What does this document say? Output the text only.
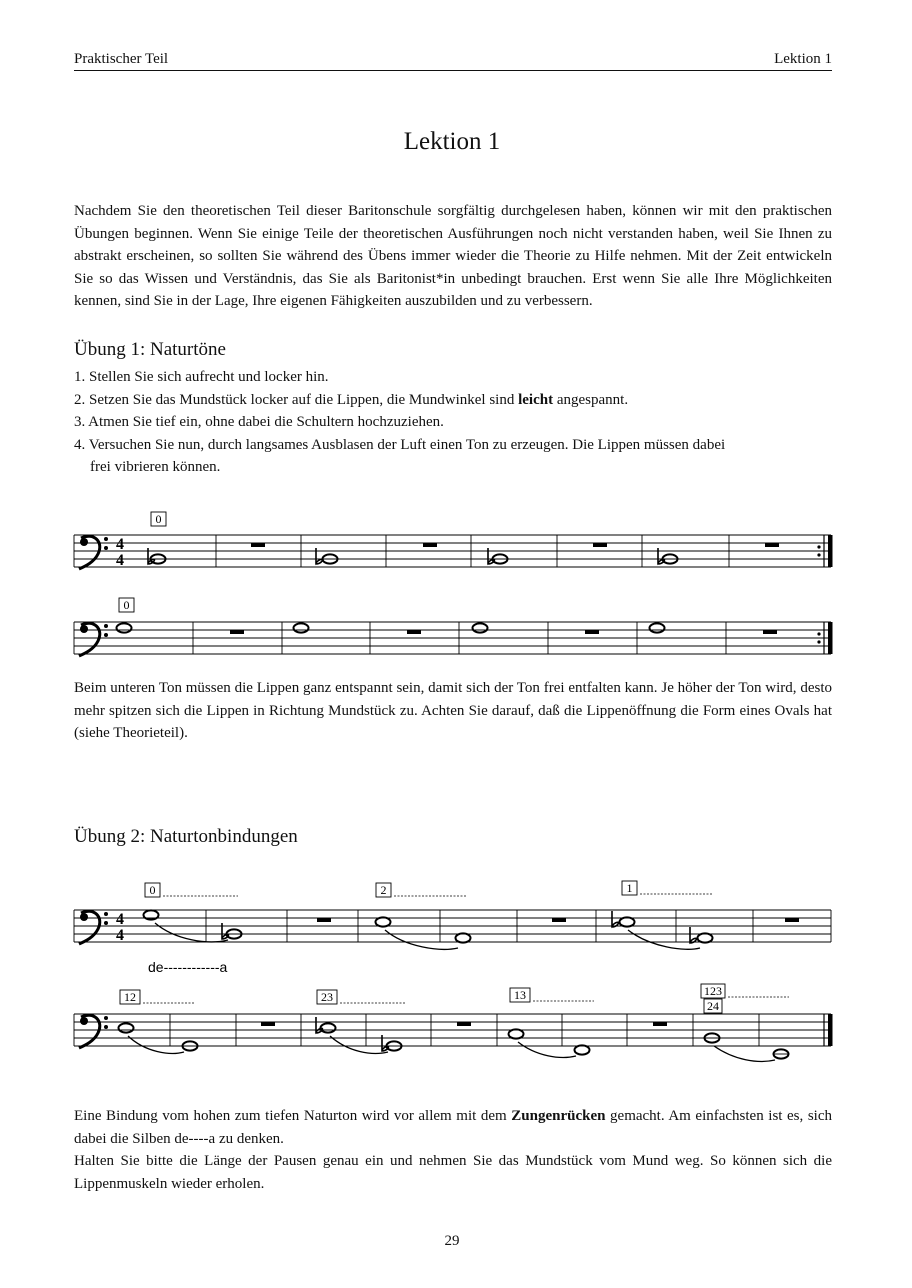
Praktischer Teil	Lektion 1
Lektion 1

Nachdem Sie den theoretischen Teil dieser Baritonschule sorgfältig durchgelesen haben, können wir mit den praktischen Übungen beginnen. Wenn Sie einige Teile der theoretischen Ausführungen noch nicht verstanden haben, weil Sie Ihnen zu abstrakt erscheinen, so sollten Sie während des Übens immer wieder die Theorie zu Hilfe nehmen. Mit der Zeit entwickeln Sie so das Wissen und Verständnis, das Sie als Baritonist*in unbedingt brauchen. Erst wenn Sie alle Ihre Möglichkeiten kennen, sind Sie in der Lage, Ihre eigenen Fähigkeiten auszubilden und zu verbessern.

Übung 1: Naturtöne
1. Stellen Sie sich aufrecht und locker hin.
2. Setzen Sie das Mundstück locker auf die Lippen, die Mundwinkel sind leicht angespannt.
3. Atmen Sie tief ein, ohne dabei die Schultern hochzuziehen.
4. Versuchen Sie nun, durch langsames Ausblasen der Luft einen Ton zu erzeugen. Die Lippen müssen dabei
frei vibrieren können.
4
4
0
0
4
4
0	2	1
de------------a
12	23	13	123
24

Beim unteren Ton müssen die Lippen ganz entspannt sein, damit sich der Ton frei entfalten kann. Je höher der Ton wird, desto mehr spitzen sich die Lippen in Richtung Mundstück zu. Achten Sie darauf, daß die Lippenöffnung die Form eines Ovals hat (siehe Theorieteil).

Übung 2: Naturtonbindungen

Eine Bindung vom hohen zum tiefen Naturton wird vor allem mit dem Zungenrücken gemacht. Am einfachsten ist es, sich dabei die Silben de----a zu denken.

Halten Sie bitte die Länge der Pausen genau ein und nehmen Sie das Mundstück vom Mund weg. So können sich die Lippenmuskeln wieder erholen.

29
